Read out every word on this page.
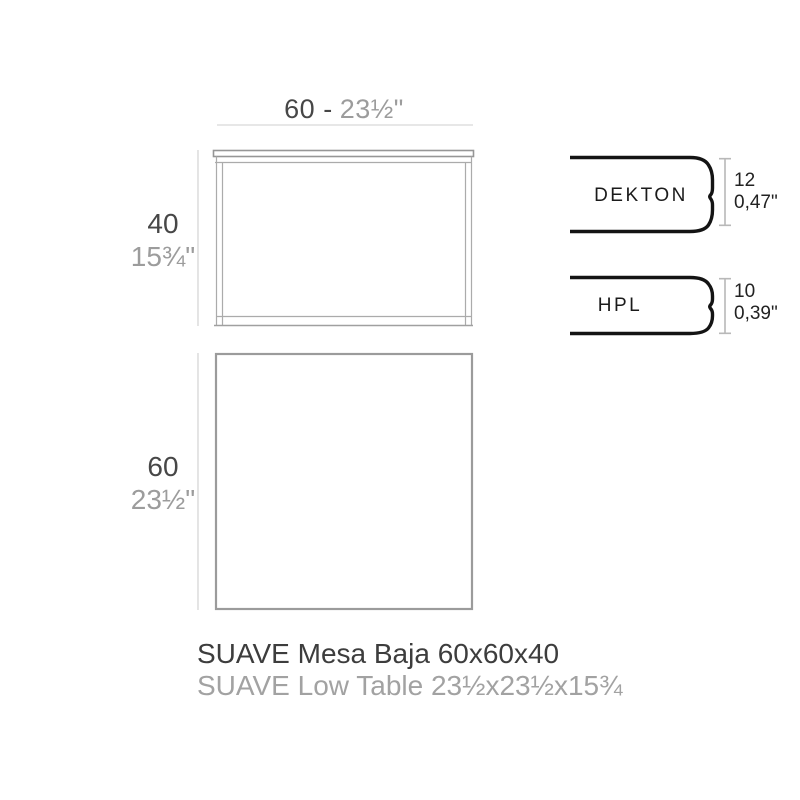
60 - 23½"
40
15¾"
60
23½"
DEKTON
HPL
12
0,47"
10
0,39"
SUAVE Mesa Baja 60x60x40
SUAVE Low Table 23½x23½x15¾
